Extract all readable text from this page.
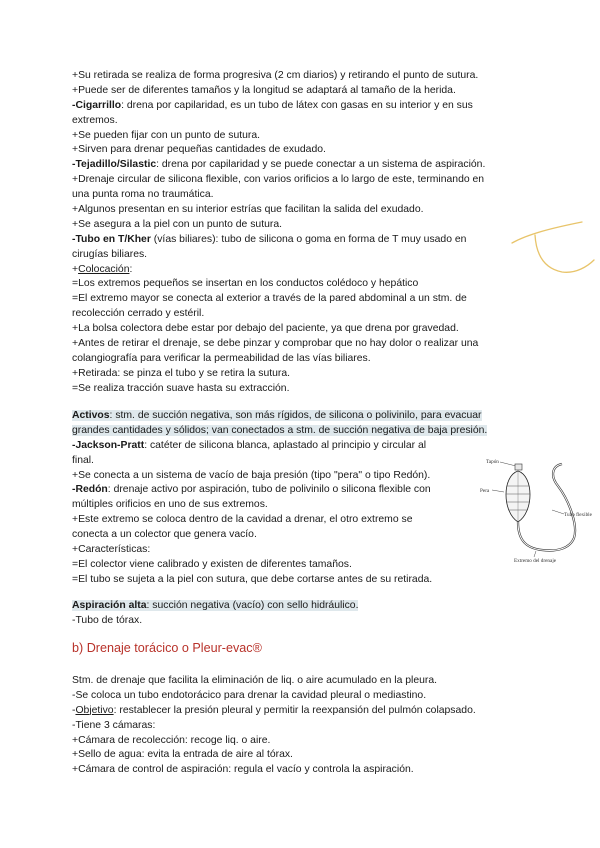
+Su retirada se realiza de forma progresiva (2 cm diarios) y retirando el punto de sutura.
+Puede ser de diferentes tamaños y la longitud se adaptará al tamaño de la herida.
-Cigarrillo: drena por capilaridad, es un tubo de látex con gasas en su interior y en sus
extremos.
+Se pueden fijar con un punto de sutura.
+Sirven para drenar pequeñas cantidades de exudado.
-Tejadillo/Silastic: drena por capilaridad y se puede conectar a un sistema de aspiración.
+Drenaje circular de silicona flexible, con varios orificios a lo largo de este, terminando en
una punta roma no traumática.
+Algunos presentan en su interior estrías que facilitan la salida del exudado.
+Se asegura a la piel con un punto de sutura.
-Tubo en T/Kher (vías biliares): tubo de silicona o goma en forma de T muy usado en
cirugías biliares.
+Colocación:
=Los extremos pequeños se insertan en los conductos colédoco y hepático
=El extremo mayor se conecta al exterior a través de la pared abdominal a un stm. de
recolección cerrado y estéril.
+La bolsa colectora debe estar por debajo del paciente, ya que drena por gravedad.
+Antes de retirar el drenaje, se debe pinzar y comprobar que no hay dolor o realizar una
colangiografía para verificar la permeabilidad de las vías biliares.
+Retirada: se pinza el tubo y se retira la sutura.
=Se realiza tracción suave hasta su extracción.
Activos: stm. de succión negativa, son más rígidos, de silicona o polivinilo, para evacuar
grandes cantidades y sólidos; van conectados a stm. de succión negativa de baja presión.
-Jackson-Pratt: catéter de silicona blanca, aplastado al principio y circular al
final.
+Se conecta a un sistema de vacío de baja presión (tipo "pera" o tipo Redón).
-Redón: drenaje activo por aspiración, tubo de polivinilo o silicona flexible con
múltiples orificios en uno de sus extremos.
+Este extremo se coloca dentro de la cavidad a drenar, el otro extremo se
conecta a un colector que genera vacío.
+Características:
=El colector viene calibrado y existen de diferentes tamaños.
=El tubo se sujeta a la piel con sutura, que debe cortarse antes de su retirada.
Aspiración alta: succión negativa (vacío) con sello hidráulico.
-Tubo de tórax.
b) Drenaje torácico o Pleur-evac®
Stm. de drenaje que facilita la eliminación de liq. o aire acumulado en la pleura.
-Se coloca un tubo endotorácico para drenar la cavidad pleural o mediastino.
-Objetivo: restablecer la presión pleural y permitir la reexpansión del pulmón colapsado.
-Tiene 3 cámaras:
+Cámara de recolección: recoge liq. o aire.
+Sello de agua: evita la entrada de aire al tórax.
+Cámara de control de aspiración: regula el vacío y controla la aspiración.
Tapón
Pera
Tubo flexible
Extremo del drenaje
